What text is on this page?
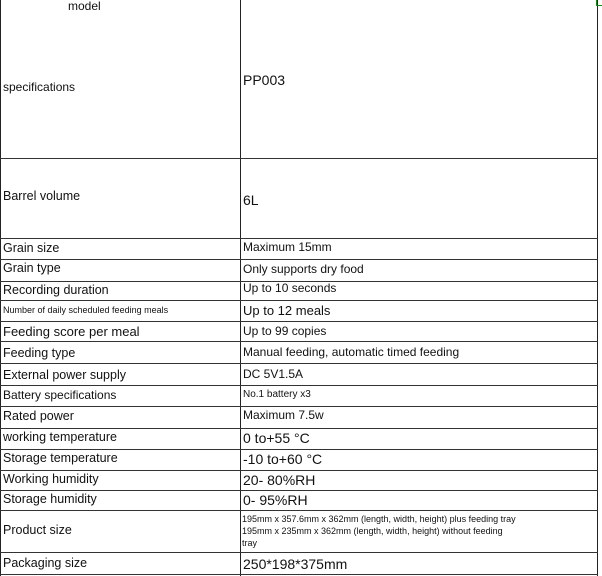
model
specifications
Barrel volume
Grain size
Grain type
Recording duration
Number of daily scheduled feeding meals
Feeding score per meal
Feeding type
External power supply
Battery specifications
Rated power
working temperature
Storage temperature
Working humidity
Storage humidity
Product size
Packaging size
PP003
6L
Maximum 15mm
Only supports dry food
Up to 10 seconds
Up to 12 meals
Up to 99 copies
Manual feeding, automatic timed feeding
DC 5V1.5A
No.1 battery x3
Maximum 7.5w
0 to+55 °C
-10 to+60 °C
20- 80%RH
0- 95%RH
195mm x 357.6mm x 362mm (length, width, height) plus feeding tray
195mm x 235mm x 362mm (length, width, height) without feeding
tray
250*198*375mm
